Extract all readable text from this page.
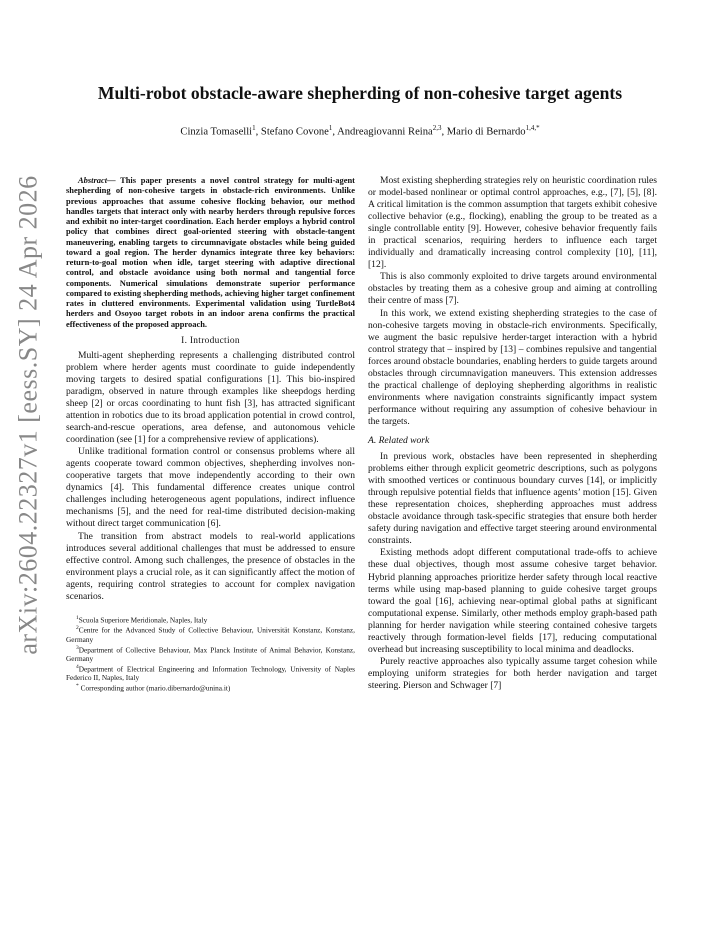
arXiv:2604.22327v1 [eess.SY] 24 Apr 2026
Multi-robot obstacle-aware shepherding of non-cohesive target agents

Cinzia Tomaselli$^1$, Stefano Covone$^1$, Andreagiovanni Reina$^{2,3}$, Mario di Bernardo$^{1,4,*}$

Abstract— This paper presents a novel control strategy for multi-agent shepherding of non-cohesive targets in obstacle-rich environments. Unlike previous approaches that assume cohesive flocking behavior, our method handles targets that interact only with nearby herders through repulsive forces and exhibit no inter-target coordination. Each herder employs a hybrid control policy that combines direct goal-oriented steering with obstacle-tangent maneuvering, enabling targets to circumnavigate obstacles while being guided toward a goal region. The herder dynamics integrate three key behaviors: return-to-goal motion when idle, target steering with adaptive directional control, and obstacle avoidance using both normal and tangential force components. Numerical simulations demonstrate superior performance compared to existing shepherding methods, achieving higher target confinement rates in cluttered environments. Experimental validation using TurtleBot4 herders and Osoyoo target robots in an indoor arena confirms the practical effectiveness of the proposed approach.

I. Introduction

Multi-agent shepherding represents a challenging distributed control problem where herder agents must coordinate to guide independently moving targets to desired spatial configurations [1]. This bio-inspired paradigm, observed in nature through examples like sheepdogs herding sheep [2] or orcas coordinating to hunt fish [3], has attracted significant attention in robotics due to its broad application potential in crowd control, search-and-rescue operations, area defense, and autonomous vehicle coordination (see [1] for a comprehensive review of applications).

Unlike traditional formation control or consensus problems where all agents cooperate toward common objectives, shepherding involves non-cooperative targets that move independently according to their own dynamics [4]. This fundamental difference creates unique control challenges including heterogeneous agent populations, indirect influence mechanisms [5], and the need for real-time distributed decision-making without direct target communication [6].

The transition from abstract models to real-world applications introduces several additional challenges that must be addressed to ensure effective control. Among such challenges, the presence of obstacles in the environment plays a crucial role, as it can significantly affect the motion of agents, requiring control strategies to account for complex navigation scenarios.

$^1$Scuola Superiore Meridionale, Naples, Italy

$^2$Centre for the Advanced Study of Collective Behaviour, Universität Konstanz, Konstanz, Germany

$^3$Department of Collective Behaviour, Max Planck Institute of Animal Behavior, Konstanz, Germany

$^4$Department of Electrical Engineering and Information Technology, University of Naples Federico II, Naples, Italy

* Corresponding author (mario.dibernardo@unina.it)

Most existing shepherding strategies rely on heuristic coordination rules or model-based nonlinear or optimal control approaches, e.g., [7], [5], [8]. A critical limitation is the common assumption that targets exhibit cohesive collective behavior (e.g., flocking), enabling the group to be treated as a single controllable entity [9]. However, cohesive behavior frequently fails in practical scenarios, requiring herders to influence each target individually and dramatically increasing control complexity [10], [11], [12].

This is also commonly exploited to drive targets around environmental obstacles by treating them as a cohesive group and aiming at controlling their centre of mass [7].

In this work, we extend existing shepherding strategies to the case of non-cohesive targets moving in obstacle-rich environments. Specifically, we augment the basic repulsive herder-target interaction with a hybrid control strategy that – inspired by [13] – combines repulsive and tangential forces around obstacle boundaries, enabling herders to guide targets around obstacles through circumnavigation maneuvers. This extension addresses the practical challenge of deploying shepherding algorithms in realistic environments where navigation constraints significantly impact system performance without requiring any assumption of cohesive behaviour in the targets.

A. Related work

In previous work, obstacles have been represented in shepherding problems either through explicit geometric descriptions, such as polygons with smoothed vertices or continuous boundary curves [14], or implicitly through repulsive potential fields that influence agents’ motion [15]. Given these representation choices, shepherding approaches must address obstacle avoidance through task-specific strategies that ensure both herder safety during navigation and effective target steering around environmental constraints.

Existing methods adopt different computational trade-offs to achieve these dual objectives, though most assume cohesive target behavior. Hybrid planning approaches prioritize herder safety through local reactive terms while using map-based planning to guide cohesive target groups toward the goal [16], achieving near-optimal global paths at significant computational expense. Similarly, other methods employ graph-based path planning for herder navigation while steering contained cohesive targets reactively through formation-level fields [17], reducing computational overhead but increasing susceptibility to local minima and deadlocks.

Purely reactive approaches also typically assume target cohesion while employing uniform strategies for both herder navigation and target steering. Pierson and Schwager [7]
